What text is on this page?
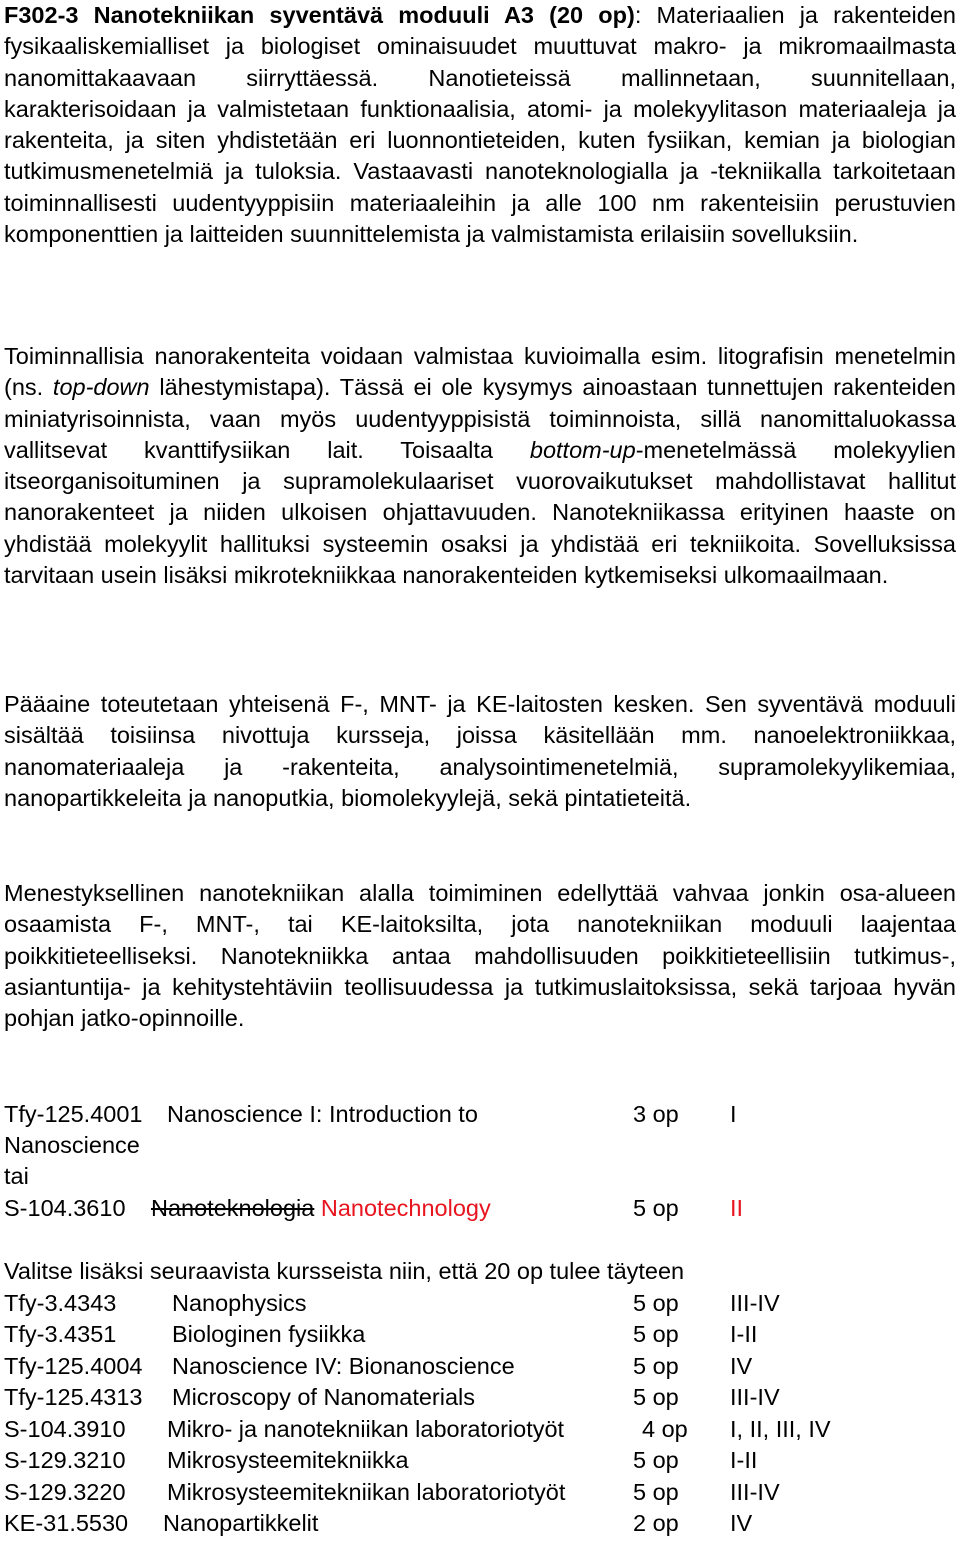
F302-3 Nanotekniikan syventävä moduuli A3 (20 op): Materiaalien ja rakenteiden fysikaaliskemialliset ja biologiset ominaisuudet muuttuvat makro- ja mikromaailmasta nanomittakaavaan siirryttäessä. Nanotieteissä mallinnetaan, suunnitellaan, karakterisoidaan ja valmistetaan funktionaalisia, atomi- ja molekyylitason materiaaleja ja rakenteita, ja siten yhdistetään eri luonnontieteiden, kuten fysiikan, kemian ja biologian tutkimusmenetelmiä ja tuloksia. Vastaavasti nanoteknologialla ja -tekniikalla tarkoitetaan toiminnallisesti uudentyyppisiin materiaaleihin ja alle 100 nm rakenteisiin perustuvien komponenttien ja laitteiden suunnittelemista ja valmistamista erilaisiin sovelluksiin.

Toiminnallisia nanorakenteita voidaan valmistaa kuvioimalla esim. litografisin menetelmin (ns. top-down lähestymistapa). Tässä ei ole kysymys ainoastaan tunnettujen rakenteiden miniatyrisoinnista, vaan myös uudentyyppisistä toiminnoista, sillä nanomittaluokassa vallitsevat kvanttifysiikan lait. Toisaalta bottom-up-menetelmässä molekyylien itseorganisoituminen ja supramolekulaariset vuorovaikutukset mahdollistavat hallitut nanorakenteet ja niiden ulkoisen ohjattavuuden. Nanotekniikassa erityinen haaste on yhdistää molekyylit hallituksi systeemin osaksi ja yhdistää eri tekniikoita. Sovelluksissa tarvitaan usein lisäksi mikrotekniikkaa nanorakenteiden kytkemiseksi ulkomaailmaan.

Pääaine toteutetaan yhteisenä F-, MNT- ja KE-laitosten kesken. Sen syventävä moduuli sisältää toisiinsa nivottuja kursseja, joissa käsitellään mm. nanoelektroniikkaa, nanomateriaaleja ja -rakenteita, analysointimenetelmiä, supramolekyylikemiaa, nanopartikkeleita ja nanoputkia, biomolekyylejä, sekä pintatieteitä.

Menestyksellinen nanotekniikan alalla toimiminen edellyttää vahvaa jonkin osa-alueen osaamista F-, MNT-, tai KE-laitoksilta, jota nanotekniikan moduuli laajentaa poikkitieteelliseksi. Nanotekniikka antaa mahdollisuuden poikkitieteellisiin tutkimus-, asiantuntija- ja kehitystehtäviin teollisuudessa ja tutkimuslaitoksissa, sekä tarjoaa hyvän pohjan jatko-opinnoille.

Tfy-125.4001 Nanoscience I: Introduction to	3 op I
Nanoscience
tai
S-104.3610 Nanoteknologia Nanotechnology	5 op II
Valitse lisäksi seuraavista kursseista niin, että 20 op tulee täyteen
Tfy-3.4343 Nanophysics	5 op III-IV
Tfy-3.4351 Biologinen fysiikka	5 op I-II
Tfy-125.4004 Nanoscience IV: Bionanoscience	5 op IV
Tfy-125.4313 Microscopy of Nanomaterials	5 op III-IV
S-104.3910 Mikro- ja nanotekniikan laboratoriotyöt	4 op I, II, III, IV
S-129.3210 Mikrosysteemitekniikka	5 op I-II
S-129.3220 Mikrosysteemitekniikan laboratoriotyöt	5 op III-IV
KE-31.5530 Nanopartikkelit	2 op IV
